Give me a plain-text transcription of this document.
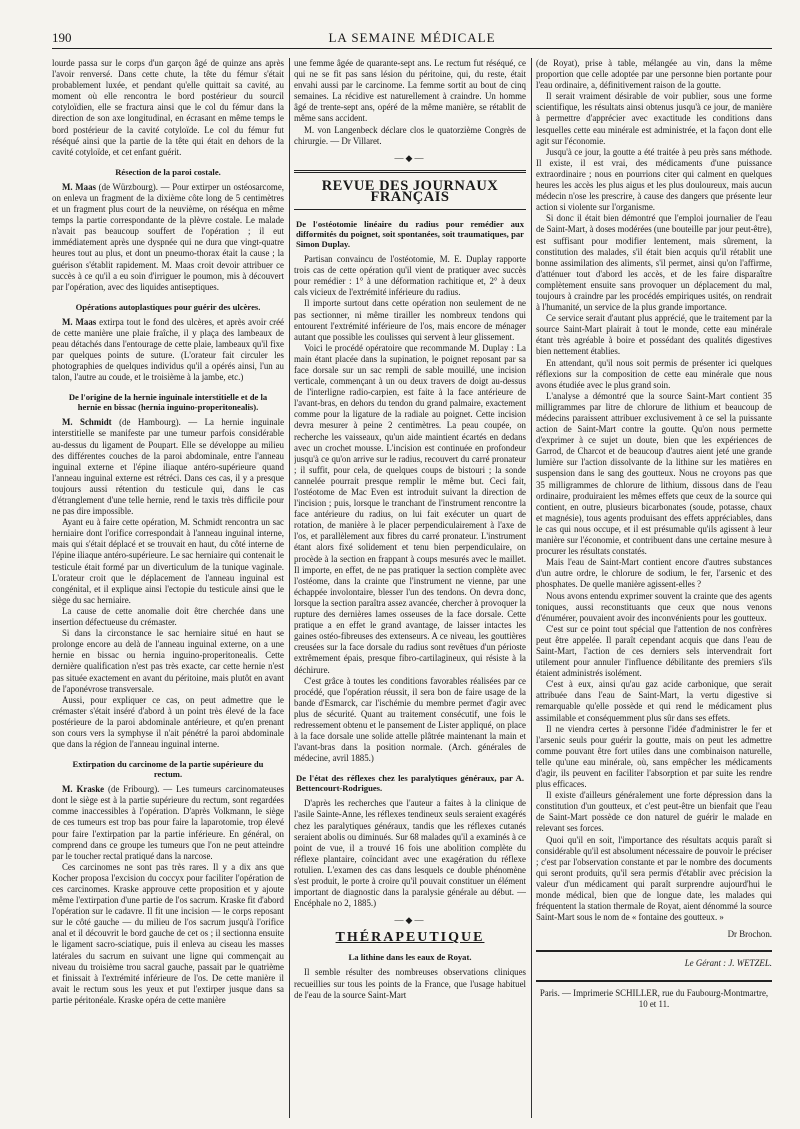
190	LA SEMAINE MÉDICALE

lourde passa sur le corps d'un garçon âgé de quinze ans après l'avoir renversé. Dans cette chute, la tête du fémur s'était probablement luxée, et pendant qu'elle quittait sa cavité, au moment où elle rencontra le bord postérieur du sourcil cotyloïdien, elle se fractura ainsi que le col du fémur dans la direction de son axe longitudinal, en écrasant en même temps le bord postérieur de la cavité cotyloïde. Le col du fémur fut réséqué ainsi que la partie de la tête qui était en dehors de la cavité cotyloïde, et cet enfant guérit.

Résection de la paroi costale.

M. Maas (de Würzbourg). — Pour extirper un ostéosarcome, on enleva un fragment de la dixième côte long de 5 centimètres et un fragment plus court de la neuvième, on réséqua en même temps la partie correspondante de la plèvre costale. Le malade n'avait pas beaucoup souffert de l'opération ; il eut immédiatement après une dyspnée qui ne dura que vingt-quatre heures tout au plus, et dont un pneumo-thorax était la cause ; la guérison s'établit rapidement. M. Maas croit devoir attribuer ce succès à ce qu'il a eu soin d'irriguer le poumon, mis à découvert par l'opération, avec des liquides antiseptiques.

Opérations autoplastiques pour guérir des ulcères.

M. Maas extirpa tout le fond des ulcères, et après avoir créé de cette manière une plaie fraîche, il y plaça des lambeaux de peau détachés dans l'entourage de cette plaie, lambeaux qu'il fixe par quelques points de suture. (L'orateur fait circuler les photographies de quelques individus qu'il a opérés ainsi, l'un au talon, l'autre au coude, et le troisième à la jambe, etc.)

De l'origine de la hernie inguinale interstitielle et de la hernie en bissac (hernia inguino-properitonealis).

M. Schmidt (de Hambourg). — La hernie inguinale interstitielle se manifeste par une tumeur parfois considérable au-dessus du ligament de Poupart. Elle se développe au milieu des différentes couches de la paroi abdominale, entre l'anneau inguinal externe et l'épine iliaque antéro-supérieure quand l'anneau inguinal externe est rétréci. Dans ces cas, il y a presque toujours aussi rétention du testicule qui, dans le cas d'étranglement d'une telle hernie, rend le taxis très difficile pour ne pas dire impossible.

Ayant eu à faire cette opération, M. Schmidt rencontra un sac herniaire dont l'orifice correspondait à l'anneau inguinal interne, mais qui s'était déplacé et se trouvait en haut, du côté interne de l'épine iliaque antéro-supérieure. Le sac herniaire qui contenait le testicule était formé par un diverticulum de la tunique vaginale. L'orateur croit que le déplacement de l'anneau inguinal est congénital, et il explique ainsi l'ectopie du testicule ainsi que le siège du sac herniaire.

La cause de cette anomalie doit être cherchée dans une insertion défectueuse du crémaster.

Si dans la circonstance le sac herniaire situé en haut se prolonge encore au delà de l'anneau inguinal externe, on a une hernie en bissac ou hernia inguino-properitonealis. Cette dernière qualification n'est pas très exacte, car cette hernie n'est pas située exactement en avant du péritoine, mais plutôt en avant de l'aponévrose transversale.

Aussi, pour expliquer ce cas, on peut admettre que le crémaster s'était inséré d'abord à un point très élevé de la face postérieure de la paroi abdominale antérieure, et qu'en prenant son cours vers la symphyse il n'ait pénétré la paroi abdominale que dans la région de l'anneau inguinal interne.

Extirpation du carcinome de la partie supérieure du rectum.

M. Kraske (de Fribourg). — Les tumeurs carcinomateuses dont le siège est à la partie supérieure du rectum, sont regardées comme inaccessibles à l'opération. D'après Volkmann, le siège de ces tumeurs est trop bas pour faire la laparotomie, trop élevé pour faire l'extirpation par la partie inférieure. En général, on comprend dans ce groupe les tumeurs que l'on ne peut atteindre par le toucher rectal pratiqué dans la narcose.

Ces carcinomes ne sont pas très rares. Il y a dix ans que Kocher proposa l'excision du coccyx pour faciliter l'opération de ces carcinomes. Kraske approuve cette proposition et y ajoute même l'extirpation d'une partie de l'os sacrum. Kraske fit d'abord l'opération sur le cadavre. Il fit une incision — le corps reposant sur le côté gauche — du milieu de l'os sacrum jusqu'à l'orifice anal et il découvrit le bord gauche de cet os ; il sectionna ensuite le ligament sacro-sciatique, puis il enleva au ciseau les masses latérales du sacrum en suivant une ligne qui commençait au niveau du troisième trou sacral gauche, passait par le quatrième et finissait à l'extrémité inférieure de l'os. De cette manière il avait le rectum sous les yeux et put l'extirper jusque dans sa partie péritonéale. Kraske opéra de cette manière

une femme âgée de quarante-sept ans. Le rectum fut réséqué, ce qui ne se fit pas sans lésion du péritoine, qui, du reste, était envahi aussi par le carcinome. La femme sortit au bout de cinq semaines. La récidive est naturellement à craindre. Un homme âgé de trente-sept ans, opéré de la même manière, se rétablit de même sans accident.

M. von Langenbeck déclare clos le quatorzième Congrès de chirurgie. — Dr Villaret.

—◆—
REVUE DES JOURNAUX FRANÇAIS
De l'ostéotomie linéaire du radius pour remédier aux difformités du poignet, soit spontanées, soit traumatiques, par Simon Duplay.

Partisan convaincu de l'ostéotomie, M. E. Duplay rapporte trois cas de cette opération qu'il vient de pratiquer avec succès pour remédier : 1° à une déformation rachitique et, 2° à deux cals vicieux de l'extrémité inférieure du radius.

Il importe surtout dans cette opération non seulement de ne pas sectionner, ni même tirailler les nombreux tendons qui entourent l'extrémité inférieure de l'os, mais encore de ménager autant que possible les coulisses qui servent à leur glissement.

Voici le procédé opératoire que recommande M. Duplay : La main étant placée dans la supination, le poignet reposant par sa face dorsale sur un sac rempli de sable mouillé, une incision verticale, commençant à un ou deux travers de doigt au-dessus de l'interligne radio-carpien, est faite à la face antérieure de l'avant-bras, en dehors du tendon du grand palmaire, exactement comme pour la ligature de la radiale au poignet. Cette incision devra mesurer à peine 2 centimètres. La peau coupée, on recherche les vaisseaux, qu'un aide maintient écartés en dedans avec un crochet mousse. L'incision est continuée en profondeur jusqu'à ce qu'on arrive sur le radius, recouvert du carré pronateur ; il suffit, pour cela, de quelques coups de bistouri ; la sonde cannelée pourrait presque remplir le même but. Ceci fait, l'ostéotome de Mac Even est introduit suivant la direction de l'incision ; puis, lorsque le tranchant de l'instrument rencontre la face antérieure du radius, on lui fait exécuter un quart de rotation, de manière à le placer perpendiculairement à l'axe de l'os, et parallèlement aux fibres du carré pronateur. L'instrument étant alors fixé solidement et tenu bien perpendiculaire, on procède à la section en frappant à coups mesurés avec le maillet. Il importe, en effet, de ne pas pratiquer la section complète avec l'ostéome, dans la crainte que l'instrument ne vienne, par une échappée involontaire, blesser l'un des tendons. On devra donc, lorsque la section paraîtra assez avancée, chercher à provoquer la rupture des dernières lames osseuses de la face dorsale. Cette pratique a en effet le grand avantage, de laisser intactes les gaines ostéo-fibreuses des extenseurs. A ce niveau, les gouttières creusées sur la face dorsale du radius sont revêtues d'un périoste extrêmement épais, presque fibro-cartilagineux, qui résiste à la déchirure.

C'est grâce à toutes les conditions favorables réalisées par ce procédé, que l'opération réussit, il sera bon de faire usage de la bande d'Esmarck, car l'ischémie du membre permet d'agir avec plus de sécurité. Quant au traitement consécutif, une fois le redressement obtenu et le pansement de Lister appliqué, on place à la face dorsale une solide attelle plâtrée maintenant la main et l'avant-bras dans la position normale. (Arch. générales de médecine, avril 1885.)

De l'état des réflexes chez les paralytiques généraux, par A. Bettencourt-Rodrigues.

D'après les recherches que l'auteur a faites à la clinique de l'asile Sainte-Anne, les réflexes tendineux seuls seraient exagérés chez les paralytiques généraux, tandis que les réflexes cutanés seraient abolis ou diminués. Sur 68 malades qu'il a examinés à ce point de vue, il a trouvé 16 fois une abolition complète du réflexe plantaire, coïncidant avec une exagération du réflexe rotulien. L'examen des cas dans lesquels ce double phénomène s'est produit, le porte à croire qu'il pouvait constituer un élément important de diagnostic dans la paralysie générale au début. — Encéphale no 2, 1885.)

—◆—
THÉRAPEUTIQUE
La lithine dans les eaux de Royat.

Il semble résulter des nombreuses observations cliniques recueillies sur tous les points de la France, que l'usage habituel de l'eau de la source Saint-Mart

(de Royat), prise à table, mélangée au vin, dans la même proportion que celle adoptée par une personne bien portante pour l'eau ordinaire, a, définitivement raison de la goutte.

Il serait vraiment désirable de voir publier, sous une forme scientifique, les résultats ainsi obtenus jusqu'à ce jour, de manière à permettre d'apprécier avec exactitude les conditions dans lesquelles cette eau minérale est administrée, et la façon dont elle agit sur l'économie.

Jusqu'à ce jour, la goutte a été traitée à peu près sans méthode. Il existe, il est vrai, des médicaments d'une puissance extraordinaire ; nous en pourrions citer qui calment en quelques heures les accès les plus aigus et les plus douloureux, mais aucun médecin n'ose les prescrire, à cause des dangers que présente leur action si violente sur l'organisme.

Si donc il était bien démontré que l'emploi journalier de l'eau de Saint-Mart, à doses modérées (une bouteille par jour peut-être), est suffisant pour modifier lentement, mais sûrement, la constitution des malades, s'il était bien acquis qu'il rétablit une bonne assimilation des aliments, s'il permet, ainsi qu'on l'affirme, d'atténuer tout d'abord les accès, et de les faire disparaître complètement ensuite sans provoquer un déplacement du mal, toujours à craindre par les procédés empiriques usités, on rendrait à l'humanité, un service de la plus grande importance.

Ce service serait d'autant plus apprécié, que le traitement par la source Saint-Mart plairait à tout le monde, cette eau minérale étant très agréable à boire et possédant des qualités digestives bien nettement établies.

En attendant, qu'il nous soit permis de présenter ici quelques réflexions sur la composition de cette eau minérale que nous avons étudiée avec le plus grand soin.

L'analyse a démontré que la source Saint-Mart contient 35 milligrammes par litre de chlorure de lithium et beaucoup de médecins paraissent attribuer exclusivement à ce sel la puissante action de Saint-Mart contre la goutte. Qu'on nous permette d'exprimer à ce sujet un doute, bien que les expériences de Garrod, de Charcot et de beaucoup d'autres aient jeté une grande lumière sur l'action dissolvante de la lithine sur les matières en suspension dans le sang des goutteux. Nous ne croyons pas que 35 milligrammes de chlorure de lithium, dissous dans de l'eau ordinaire, produiraient les mêmes effets que ceux de la source qui contient, en outre, plusieurs bicarbonates (soude, potasse, chaux et magnésie), tous agents produisant des effets appréciables, dans le cas qui nous occupe, et il est présumable qu'ils agissent à leur manière sur l'économie, et contribuent dans une certaine mesure à procurer les résultats constatés.

Mais l'eau de Saint-Mart contient encore d'autres substances d'un autre ordre, le chlorure de sodium, le fer, l'arsenic et des phosphates. De quelle manière agissent-elles ?

Nous avons entendu exprimer souvent la crainte que des agents toniques, aussi reconstituants que ceux que nous venons d'énumérer, pouvaient avoir des inconvénients pour les goutteux.

C'est sur ce point tout spécial que l'attention de nos confrères peut être appelée. Il paraît cependant acquis que dans l'eau de Saint-Mart, l'action de ces derniers sels intervendrait fort utilement pour annuler l'influence débilitante des premiers s'ils étaient administrés isolément.

C'est à eux, ainsi qu'au gaz acide carbonique, que serait attribuée dans l'eau de Saint-Mart, la vertu digestive si remarquable qu'elle possède et qui rend le médicament plus assimilable et conséquemment plus sûr dans ses effets.

Il ne viendra certes à personne l'idée d'administrer le fer et l'arsenic seuls pour guérir la goutte, mais on peut les admettre comme pouvant être fort utiles dans une combinaison naturelle, telle qu'une eau minérale, où, sans empêcher les médicaments d'agir, ils peuvent en faciliter l'absorption et par suite les rendre plus efficaces.

Il existe d'ailleurs généralement une forte dépression dans la constitution d'un goutteux, et c'est peut-être un bienfait que l'eau de Saint-Mart possède ce don naturel de guérir le malade en relevant ses forces.

Quoi qu'il en soit, l'importance des résultats acquis paraît si considérable qu'il est absolument nécessaire de pouvoir le préciser ; c'est par l'observation constante et par le nombre des documents qui seront produits, qu'il sera permis d'établir avec précision la valeur d'un médicament qui paraît surprendre aujourd'hui le monde médical, bien que de longue date, les malades qui fréquentent la station thermale de Royat, aient dénommé la source Saint-Mart sous le nom de « fontaine des goutteux. »

Dr Brochon.
Le Gérant : J. WETZEL.
Paris. — Imprimerie SCHILLER, rue du Faubourg-Montmartre, 10 et 11.
